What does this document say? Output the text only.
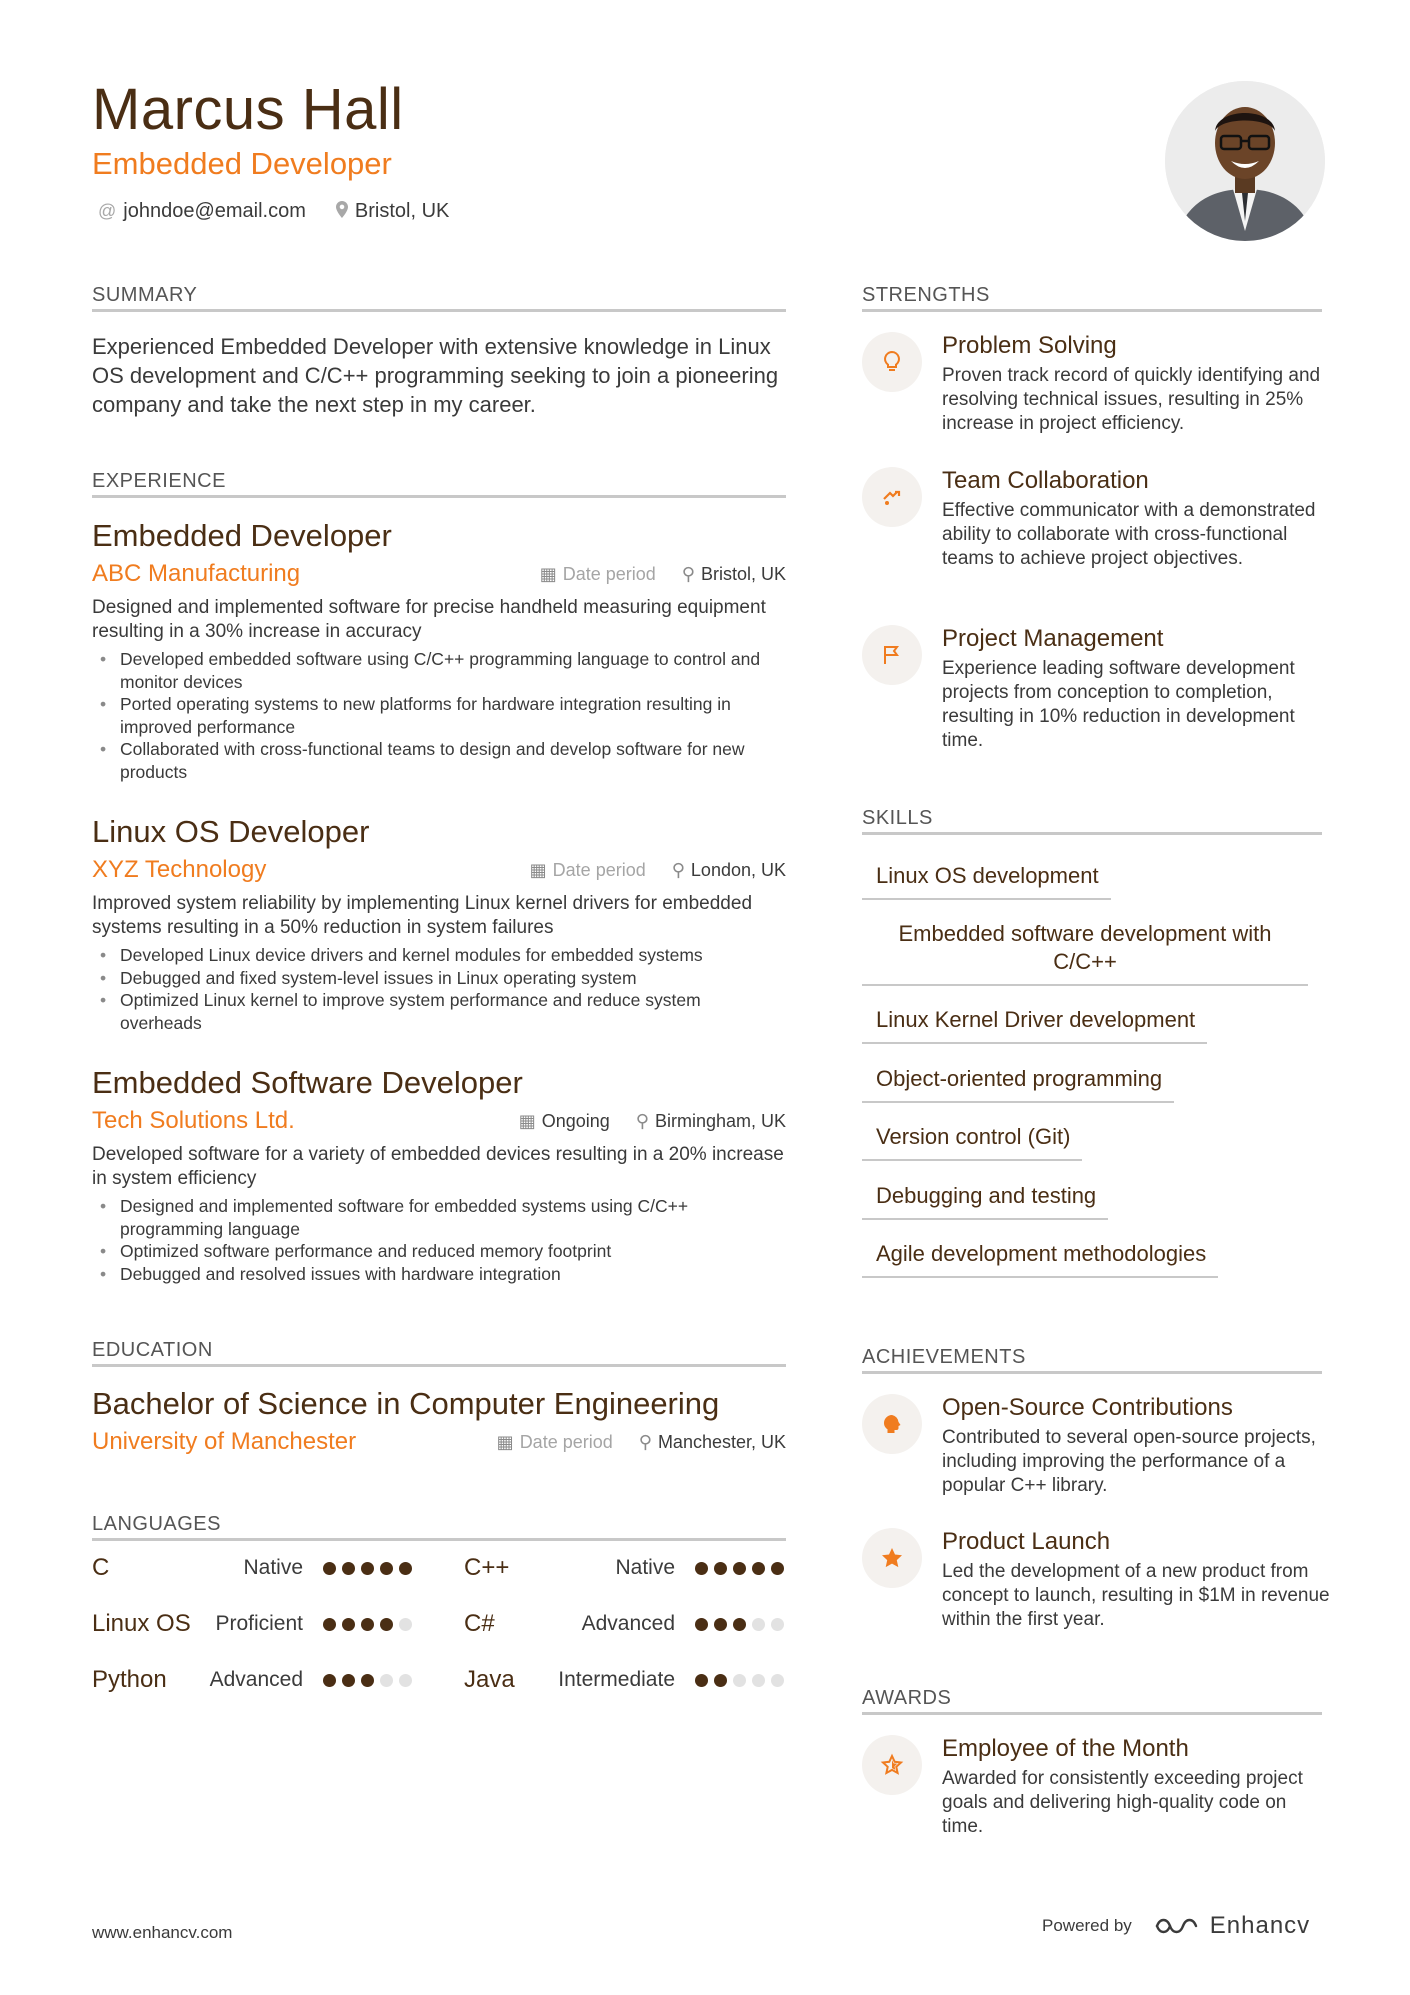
Marcus Hall
Embedded Developer
@ johndoe@email.com Bristol, UK
SUMMARY
Experienced Embedded Developer with extensive knowledge in Linux OS development and C/C++ programming seeking to join a pioneering company and take the next step in my career.
EXPERIENCE
Embedded Developer
ABC Manufacturing	▦ Date period ⚲ Bristol, UK
Designed and implemented software for precise handheld measuring equipment resulting in a 30% increase in accuracy
• Developed embedded software using C/C++ programming language to control and monitor devices
• Ported operating systems to new platforms for hardware integration resulting in improved performance
• Collaborated with cross-functional teams to design and develop software for new products
Linux OS Developer
XYZ Technology	▦ Date period ⚲ London, UK
Improved system reliability by implementing Linux kernel drivers for embedded systems resulting in a 50% reduction in system failures
• Developed Linux device drivers and kernel modules for embedded systems
• Debugged and fixed system-level issues in Linux operating system
• Optimized Linux kernel to improve system performance and reduce system overheads
Embedded Software Developer
Tech Solutions Ltd.	▦ Ongoing ⚲ Birmingham, UK
Developed software for a variety of embedded devices resulting in a 20% increase in system efficiency
• Designed and implemented software for embedded systems using C/C++ programming language
• Optimized software performance and reduced memory footprint
• Debugged and resolved issues with hardware integration
EDUCATION
Bachelor of Science in Computer Engineering
University of Manchester	▦ Date period ⚲ Manchester, UK
LANGUAGES
C	Native	C++	Native
Linux OS	Proficient	C#	Advanced
Python	Advanced	Java	Intermediate
STRENGTHS
Problem Solving
Proven track record of quickly identifying and resolving technical issues, resulting in 25% increase in project efficiency.
Team Collaboration
Effective communicator with a demonstrated ability to collaborate with cross-functional teams to achieve project objectives.
Project Management
Experience leading software development projects from conception to completion, resulting in 10% reduction in development time.
SKILLS
Linux OS development
Embedded software development with C/C++
Linux Kernel Driver development
Object-oriented programming
Version control (Git)
Debugging and testing
Agile development methodologies
ACHIEVEMENTS
Open-Source Contributions
Contributed to several open-source projects, including improving the performance of a popular C++ library.
Product Launch
Led the development of a new product from concept to launch, resulting in $1M in revenue within the first year.
AWARDS
Employee of the Month
Awarded for consistently exceeding project goals and delivering high-quality code on time.
www.enhancv.com	Powered by	Enhancv
